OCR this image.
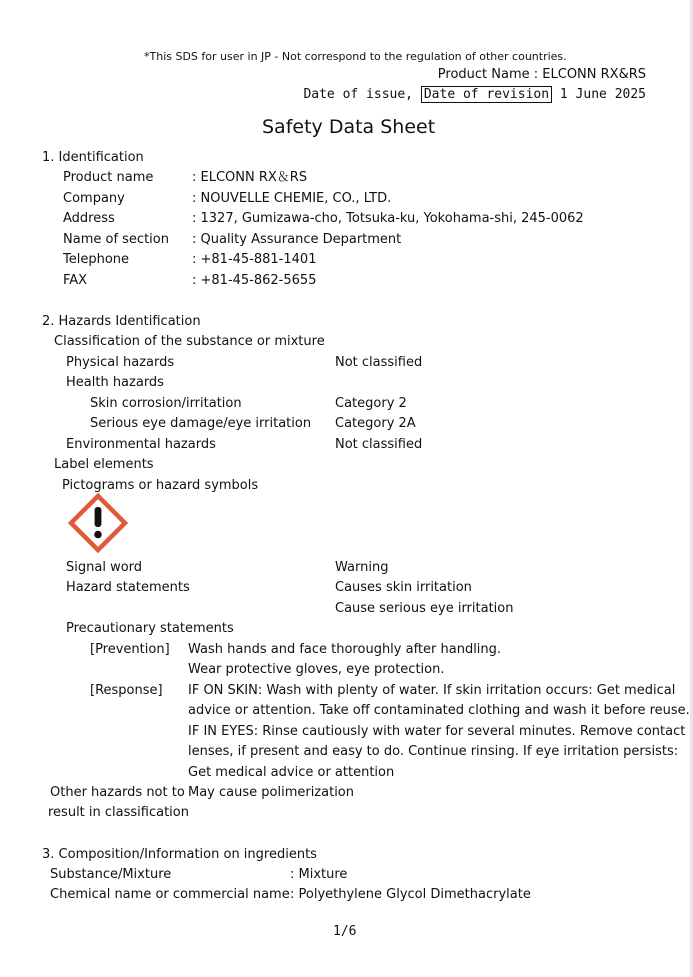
*This SDS for user in JP - Not correspond to the regulation of other countries.
Product Name : ELCONN RX&RS
Date of issue, Date of revision 1 June 2025
Safety Data Sheet
1. Identification
Product name	: ELCONN RX＆RS
Company	: NOUVELLE CHEMIE, CO., LTD.
Address	: 1327, Gumizawa-cho, Totsuka-ku, Yokohama-shi, 245-0062
Name of section : Quality Assurance Department
Telephone	: +81-45-881-1401
FAX	: +81-45-862-5655
2. Hazards Identification
Classification of the substance or mixture
Physical hazards	Not classified
Health hazards
Skin corrosion/irritation	Category 2
Serious eye damage/eye irritation Category 2A
Environmental hazards	Not classified
Label elements
Pictograms or hazard symbols
Signal word	Warning
Hazard statements	Causes skin irritation
Cause serious eye irritation
Precautionary statements
[Prevention] Wash hands and face thoroughly after handling.
Wear protective gloves, eye protection.
[Response] IF ON SKIN: Wash with plenty of water. If skin irritation occurs: Get medical
advice or attention. Take off contaminated clothing and wash it before reuse.
IF IN EYES: Rinse cautiously with water for several minutes. Remove contact
lenses, if present and easy to do. Continue rinsing. If eye irritation persists:
Get medical advice or attention
Other hazards not to
result in classification
May cause polimerization
3. Composition/Information on ingredients
Substance/Mixture	: Mixture
Chemical name or commercial name : Polyethylene Glycol Dimethacrylate
1/6
